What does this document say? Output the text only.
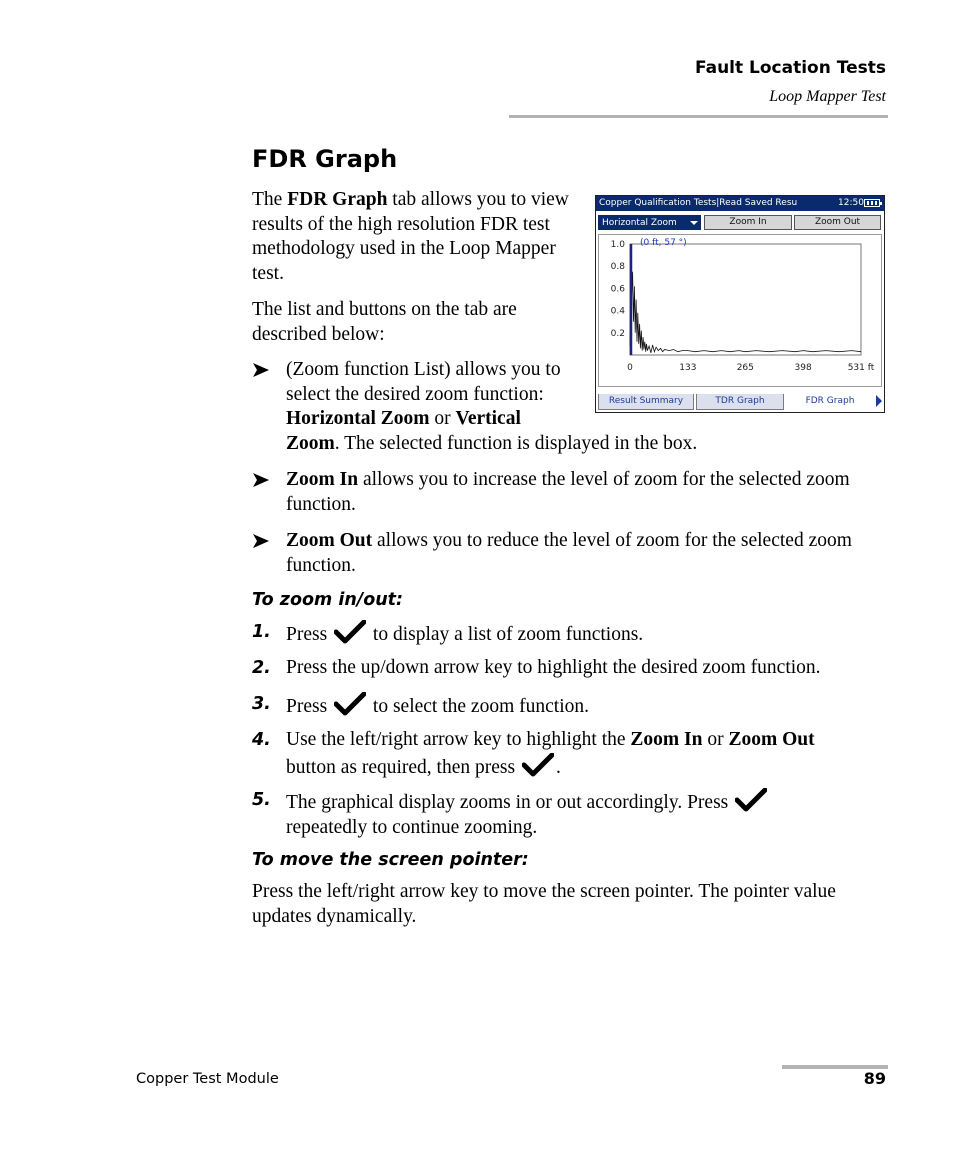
Fault Location Tests
Loop Mapper Test
FDR Graph
The FDR Graph tab allows you to view results of the high resolution FDR test methodology used in the Loop Mapper test.
The list and buttons on the tab are described below:
(Zoom function List) allows you to select the desired zoom function: Horizontal Zoom or Vertical
Zoom. The selected function is displayed in the box.
Zoom In allows you to increase the level of zoom for the selected zoom function.
Zoom Out allows you to reduce the level of zoom for the selected zoom function.
To zoom in/out:
1. Press  to display a list of zoom functions.
2. Press the up/down arrow key to highlight the desired zoom function.
3. Press  to select the zoom function.
4. Use the left/right arrow key to highlight the Zoom In or Zoom Out
button as required, then press .
5. The graphical display zooms in or out accordingly. Press
repeatedly to continue zooming.
To move the screen pointer:
Press the left/right arrow key to move the screen pointer. The pointer value updates dynamically.
Copper Test Module	89
Copper Qualification Tests|Read Saved Resu	12:50
Horizontal Zoom	Zoom In	Zoom Out
1.0
0.8
0.6
0.4
0.2
0	133	265	398	531 ft
(0 ft, 57 °)
Result Summary	TDR Graph	FDR Graph
